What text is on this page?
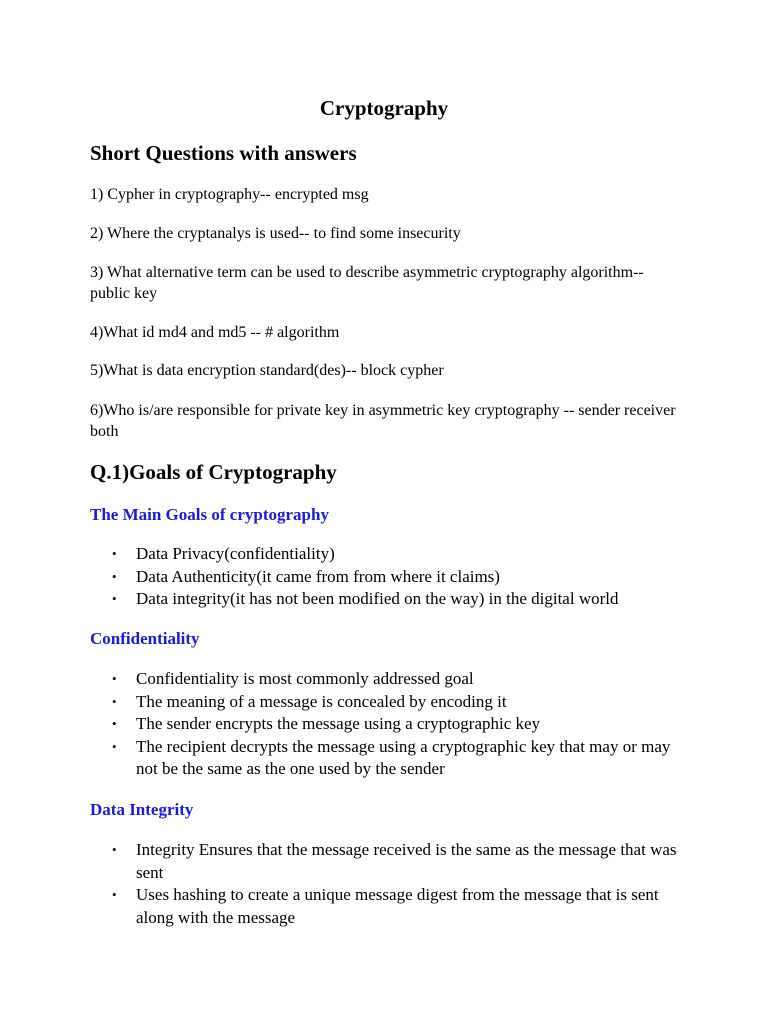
Cryptography
Short Questions with answers

1) Cypher in cryptography-- encrypted msg

2) Where the cryptanalys is used-- to find some insecurity

3) What alternative term can be used to describe asymmetric cryptography algorithm-- public key

4)What id md4 and md5 -- # algorithm

5)What is data encryption standard(des)-- block cypher

6)Who is/are responsible for private key in asymmetric key cryptography -- sender receiver both

Q.1)Goals of Cryptography
The Main Goals of cryptography
• Data Privacy(confidentiality)
• Data Authenticity(it came from from where it claims)
• Data integrity(it has not been modified on the way) in the digital world
Confidentiality
• Confidentiality is most commonly addressed goal
• The meaning of a message is concealed by encoding it
• The sender encrypts the message using a cryptographic key
• The recipient decrypts the message using a cryptographic key that may or may not be the same as the one used by the sender
Data Integrity
• Integrity Ensures that the message received is the same as the message that was sent
• Uses hashing to create a unique message digest from the message that is sent along with the message
